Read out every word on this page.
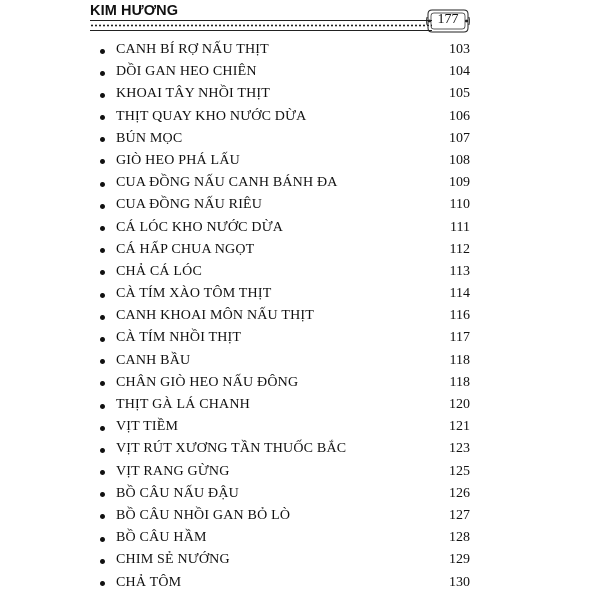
KIM HƯƠNG
177
CANH BÍ RỢ NẤU THỊT	103
DỒI GAN HEO CHIÊN	104
KHOAI TÂY NHỒI THỊT	105
THỊT QUAY KHO NƯỚC DỪA	106
BÚN MỌC	107
GIÒ HEO PHÁ LẤU	108
CUA ĐỒNG NẤU CANH BÁNH ĐA	109
CUA ĐỒNG NẤU RIÊU	110
CÁ LÓC KHO NƯỚC DỪA	111
CÁ HẤP CHUA NGỌT	112
CHẢ CÁ LÓC	113
CÀ TÍM XÀO TÔM THỊT	114
CANH KHOAI MÔN NẤU THỊT	116
CÀ TÍM NHỒI THỊT	117
CANH BẦU	118
CHÂN GIÒ HEO NẤU ĐÔNG	118
THỊT GÀ LÁ CHANH	120
VỊT TIỀM	121
VỊT RÚT XƯƠNG TẦN THUỐC BẮC	123
VỊT RANG GỪNG	125
BỒ CÂU NẤU ĐẬU	126
BỒ CÂU NHỒI GAN BỎ LÒ	127
BỒ CÂU HẦM	128
CHIM SẺ NƯỚNG	129
CHẢ TÔM	130
